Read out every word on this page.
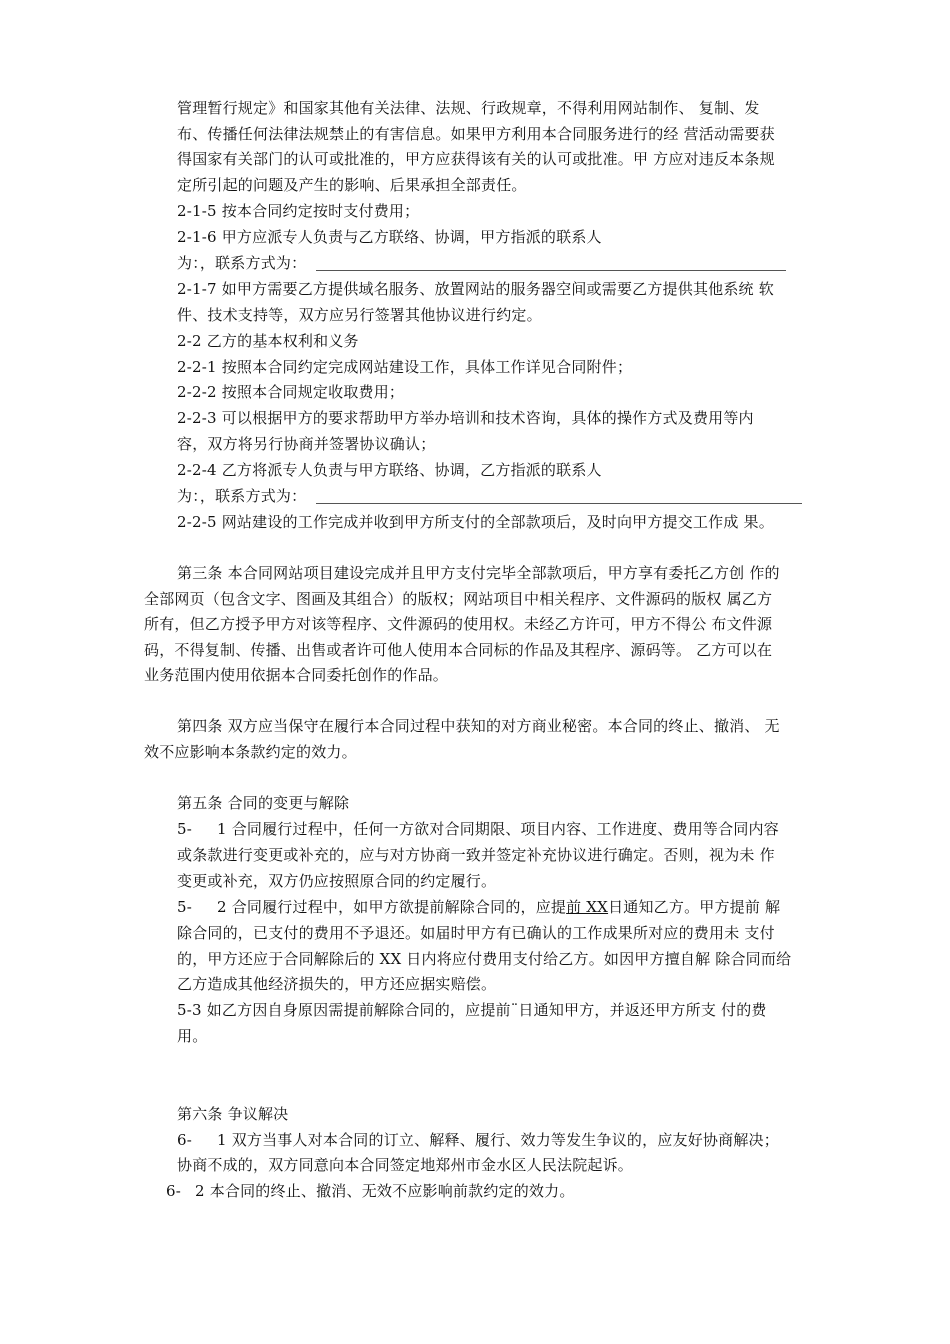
管理暂行规定》和国家其他有关法律、法规、行政规章，不得利用网站制作、 复制、发
布、传播任何法律法规禁止的有害信息。如果甲方利用本合同服务进行的经 营活动需要获
得国家有关部门的认可或批准的，甲方应获得该有关的认可或批准。甲 方应对违反本条规
定所引起的问题及产生的影响、后果承担全部责任。
2-1-5 按本合同约定按时支付费用；
2-1-6 甲方应派专人负责与乙方联络、协调，甲方指派的联系人
为：，联系方式为：
2-1-7 如甲方需要乙方提供域名服务、放置网站的服务器空间或需要乙方提供其他系统 软
件、技术支持等，双方应另行签署其他协议进行约定。
2-2 乙方的基本权利和义务
2-2-1 按照本合同约定完成网站建设工作，具体工作详见合同附件；
2-2-2 按照本合同规定收取费用；
2-2-3 可以根据甲方的要求帮助甲方举办培训和技术咨询，具体的操作方式及费用等内
容，双方将另行协商并签署协议确认；
2-2-4 乙方将派专人负责与甲方联络、协调，乙方指派的联系人
为：，联系方式为：
2-2-5 网站建设的工作完成并收到甲方所支付的全部款项后，及时向甲方提交工作成 果。
第三条 本合同网站项目建设完成并且甲方支付完毕全部款项后，甲方享有委托乙方创 作的
全部网页（包含文字、图画及其组合）的版权；网站项目中相关程序、文件源码的版权 属乙方
所有，但乙方授予甲方对该等程序、文件源码的使用权。未经乙方许可，甲方不得公 布文件源
码，不得复制、传播、出售或者许可他人使用本合同标的作品及其程序、源码等。 乙方可以在
业务范围内使用依据本合同委托创作的作品。
第四条 双方应当保守在履行本合同过程中获知的对方商业秘密。本合同的终止、撤消、 无
效不应影响本条款约定的效力。
第五条 合同的变更与解除
5- 1 合同履行过程中，任何一方欲对合同期限、项目内容、工作进度、费用等合同内容
或条款进行变更或补充的，应与对方协商一致并签定补充协议进行确定。否则，视为未 作
变更或补充，双方仍应按照原合同的约定履行。
5- 2 合同履行过程中，如甲方欲提前解除合同的，应提前 XX日通知乙方。甲方提前 解
除合同的，已支付的费用不予退还。如届时甲方有已确认的工作成果所对应的费用未 支付
的，甲方还应于合同解除后的 XX 日内将应付费用支付给乙方。如因甲方擅自解 除合同而给
乙方造成其他经济损失的，甲方还应据实赔偿。
5-3 如乙方因自身原因需提前解除合同的，应提前¨日通知甲方，并返还甲方所支 付的费
用。
第六条 争议解决
6- 1 双方当事人对本合同的订立、解释、履行、效力等发生争议的，应友好协商解决；
协商不成的，双方同意向本合同签定地郑州市金水区人民法院起诉。
6- 2 本合同的终止、撤消、无效不应影响前款约定的效力。
